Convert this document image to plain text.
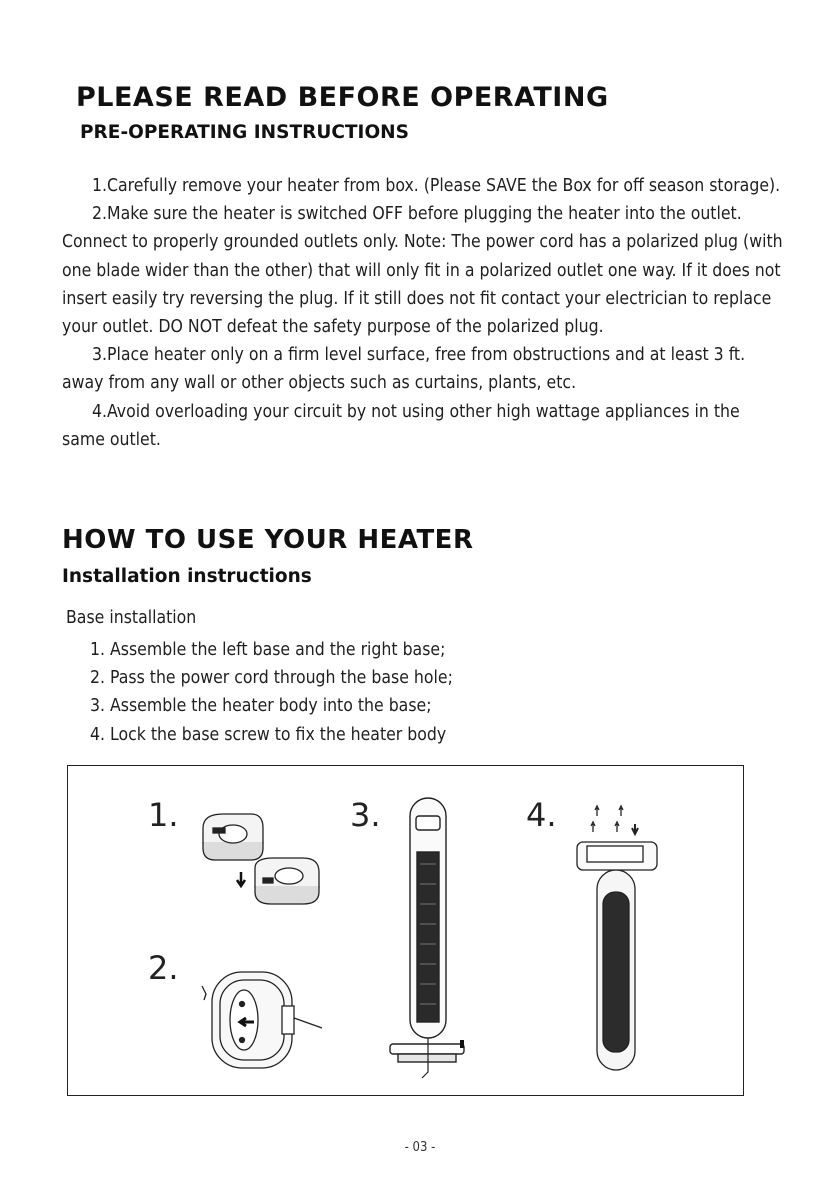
PLEASE READ BEFORE OPERATING
PRE-OPERATING INSTRUCTIONS

1.Carefully remove your heater from box. (Please SAVE the Box for off season storage).

2.Make sure the heater is switched OFF before plugging the heater into the outlet. Connect to properly grounded outlets only. Note: The power cord has a polarized plug (with one blade wider than the other) that will only fit in a polarized outlet one way. If it does not insert easily try reversing the plug. If it still does not fit contact your electrician to replace your outlet. DO NOT defeat the safety purpose of the polarized plug.

3.Place heater only on a firm level surface, free from obstructions and at least 3 ft. away from any wall or other objects such as curtains, plants, etc.

4.Avoid overloading your circuit by not using other high wattage appliances in the same outlet.

HOW TO USE YOUR HEATER
Installation instructions
Base installation
1. Assemble the left base and the right base;
2. Pass the power cord through the base hole;
3. Assemble the heater body into the base;
4. Lock the base screw to fix the heater body
1.
2.
3.	4.
- 03 -
